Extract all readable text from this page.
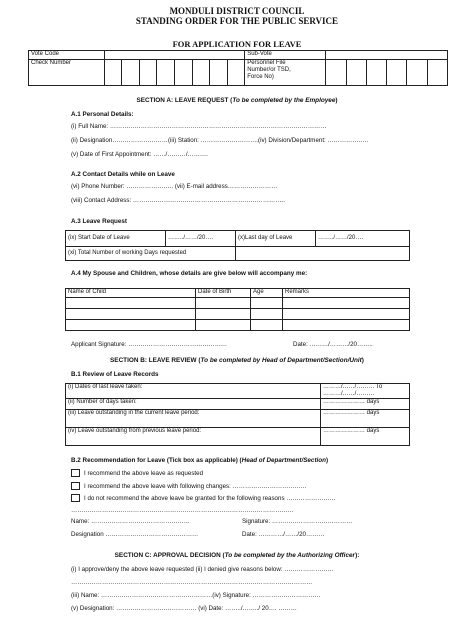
MONDULI DISTRICT COUNCIL
STANDING ORDER FOR THE PUBLIC SERVICE
FOR APPLICATION FOR LEAVE
Vote Code									Sub-Vote						
Check Number									Personnel File
Number/or TSD,
Force No)						

SECTION A: LEAVE REQUEST (To be completed by the Employee)
A.1 Personal Details:
(i) Full Name: ……………………………………………………………………………………………
(ii) Designation………………………(iii) Station: ……………………….(iv) Division/Department: ………………..
(v) Date of First Appointment: ……/………/……….
A.2 Contact Details while on Leave
(vi) Phone Number: ………………….. (vii) E-mail address……………………
(viii) Contact Address: ………………………………………………………………..
A.3 Leave Request
(ix) Start Date of Leave	……../……/20….	(x)Last day of Leave	……../……/20….
(xi) Total Number of working Days requested			
A.4 My Spouse and Children, whose details are give below will accompany me:
Name of Child	Date of Birth	Age	Remarks

Applicant Signature: …………………………………………	Date: ………/………/20……..
SECTION B: LEAVE REVIEW (To be completed by Head of Department/Section/Unit)
B.1 Review of Leave Records
(i) Dates of last leave taken:	………/……/……… To ………/……/………
(ii) Number of days taken:	………………… days
(iii) Leave outstanding in the current leave period:	………………… days
(iv) Leave outstanding from previous leave period:	………………… days
B.2 Recommendation for Leave (Tick box as applicable) (Head of Department/Section)
I recommend the above leave as requested
I recommend the above leave with following changes: ………………………………
I do not recommend the above leave be granted for the following reasons ……………………
………………………………………………………………………………………………
Name: …………………………………………	Signature: …………………………………
Designation ………………………………………	Date: …………/……/20………
SECTION C: APPROVAL DECISION (To be completed by the Authorizing Officer):
(i) I approve/deny the above leave requested (ii) I denied give reasons below: ……………………
………………………………………………………………………………………………………
(iii) Name: ………………………………………………(iv) Signature: ……………………………
(v) Designation: ………………………………… (vi) Date: ……../……../ 20…. ………
